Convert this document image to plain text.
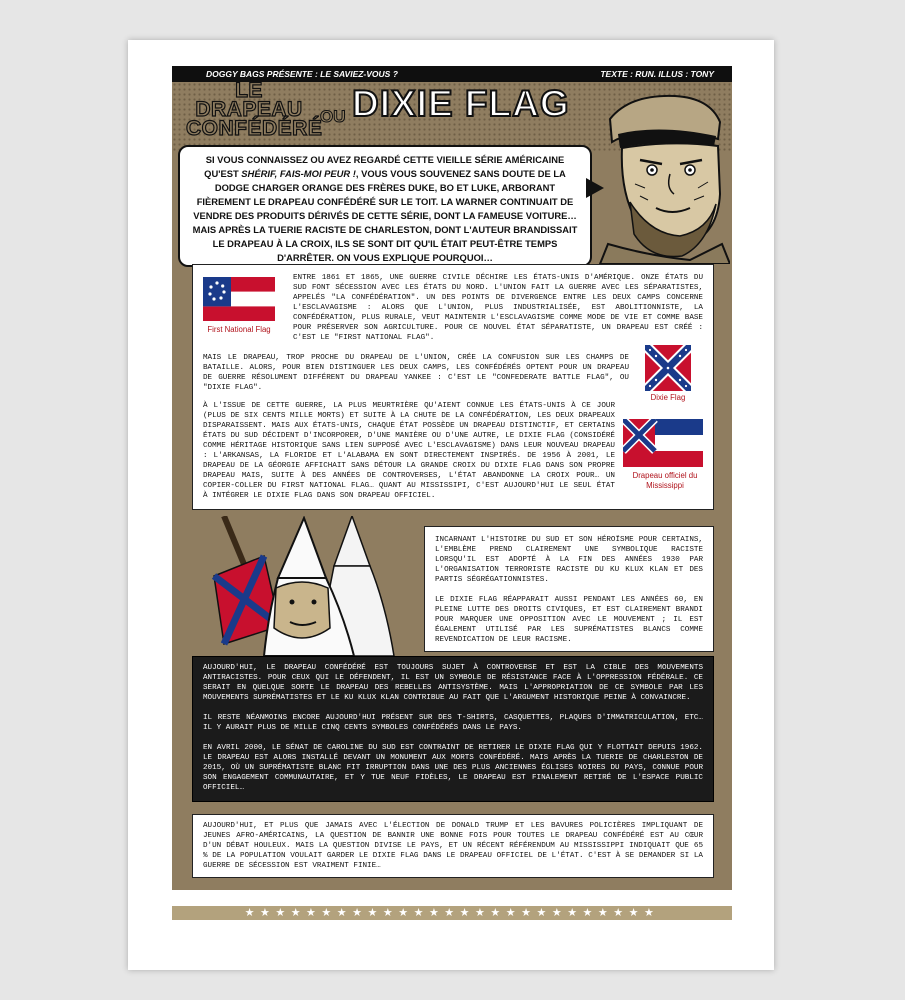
DOGGY BAGS PRÉSENTE : LE SAVIEZ-VOUS ?	TEXTE : RUN. ILLUS : TONY
LE DRAPEAU
CONFÉDÉRÉ
OU DIXIE FLAG

SI VOUS CONNAISSEZ OU AVEZ REGARDÉ CETTE VIEILLE SÉRIE AMÉRICAINE QU'EST SHÉRIF, FAIS-MOI PEUR !, VOUS VOUS SOUVENEZ SANS DOUTE DE LA DODGE CHARGER ORANGE DES FRÈRES DUKE, BO ET LUKE, ARBORANT FIÈREMENT LE DRAPEAU CONFÉDÉRÉ SUR LE TOIT. LA WARNER CONTINUAIT DE VENDRE DES PRODUITS DÉRIVÉS DE CETTE SÉRIE, DONT LA FAMEUSE VOITURE… MAIS APRÈS LA TUERIE RACISTE DE CHARLESTON, DONT L'AUTEUR BRANDISSAIT LE DRAPEAU À LA CROIX, ILS SE SONT DIT QU'IL ÉTAIT PEUT-ÊTRE TEMPS D'ARRÊTER. ON VOUS EXPLIQUE POURQUOI…

First National Flag

ENTRE 1861 ET 1865, UNE GUERRE CIVILE DÉCHIRE LES ÉTATS-UNIS D'AMÉRIQUE. ONZE ÉTATS DU SUD FONT SÉCESSION AVEC LES ÉTATS DU NORD. L'UNION FAIT LA GUERRE AVEC LES SÉPARATISTES, APPELÉS "LA CONFÉDÉRATION". UN DES POINTS DE DIVERGENCE ENTRE LES DEUX CAMPS CONCERNE L'ESCLAVAGISME : ALORS QUE L'UNION, PLUS INDUSTRIALISÉE, EST ABOLITIONNISTE, LA CONFÉDÉRATION, PLUS RURALE, VEUT MAINTENIR L'ESCLAVAGISME COMME MODE DE VIE ET COMME BASE POUR PRÉSERVER SON AGRICULTURE. POUR CE NOUVEL ÉTAT SÉPARATISTE, UN DRAPEAU EST CRÉÉ : C'EST LE "FIRST NATIONAL FLAG".

Dixie Flag

MAIS LE DRAPEAU, TROP PROCHE DU DRAPEAU DE L'UNION, CRÉE LA CONFUSION SUR LES CHAMPS DE BATAILLE. ALORS, POUR BIEN DISTINGUER LES DEUX CAMPS, LES CONFÉDÉRÉS OPTENT POUR UN DRAPEAU DE GUERRE RÉSOLUMENT DIFFÉRENT DU DRAPEAU YANKEE : C'EST LE "CONFEDERATE BATTLE FLAG", OU "DIXIE FLAG".

Drapeau officiel du
Mississippi

À L'ISSUE DE CETTE GUERRE, LA PLUS MEURTRIÈRE QU'AIENT CONNUE LES ÉTATS-UNIS À CE JOUR (PLUS DE SIX CENTS MILLE MORTS) ET SUITE À LA CHUTE DE LA CONFÉDÉRATION, LES DEUX DRAPEAUX DISPARAISSENT. MAIS AUX ÉTATS-UNIS, CHAQUE ÉTAT POSSÈDE UN DRAPEAU DISTINCTIF, ET CERTAINS ÉTATS DU SUD DÉCIDENT D'INCORPORER, D'UNE MANIÈRE OU D'UNE AUTRE, LE DIXIE FLAG (CONSIDÉRÉ COMME HÉRITAGE HISTORIQUE SANS LIEN SUPPOSÉ AVEC L'ESCLAVAGISME) DANS LEUR NOUVEAU DRAPEAU : L'ARKANSAS, LA FLORIDE ET L'ALABAMA EN SONT DIRECTEMENT INSPIRÉS. DE 1956 À 2001, LE DRAPEAU DE LA GÉORGIE AFFICHAIT SANS DÉTOUR LA GRANDE CROIX DU DIXIE FLAG DANS SON PROPRE DRAPEAU MAIS, SUITE À DES ANNÉES DE CONTROVERSES, L'ÉTAT ABANDONNE LA CROIX POUR… UN COPIER-COLLER DU FIRST NATIONAL FLAG… QUANT AU MISSISSIPI, C'EST AUJOURD'HUI LE SEUL ÉTAT À INTÉGRER LE DIXIE FLAG DANS SON DRAPEAU OFFICIEL.

INCARNANT L'HISTOIRE DU SUD ET SON HÉROÏSME POUR CERTAINS, L'EMBLÈME PREND CLAIREMENT UNE SYMBOLIQUE RACISTE LORSQU'IL EST ADOPTÉ À LA FIN DES ANNÉES 1930 PAR L'ORGANISATION TERRORISTE RACISTE DU KU KLUX KLAN ET DES PARTIS SÉGRÉGATIONNISTES.

LE DIXIE FLAG RÉAPPARAIT AUSSI PENDANT LES ANNÉES 60, EN PLEINE LUTTE DES DROITS CIVIQUES, ET EST CLAIREMENT BRANDI POUR MARQUER UNE OPPOSITION AVEC LE MOUVEMENT ; IL EST ÉGALEMENT UTILISÉ PAR LES SUPRÉMATISTES BLANCS COMME REVENDICATION DE LEUR RACISME.

AUJOURD'HUI, LE DRAPEAU CONFÉDÉRÉ EST TOUJOURS SUJET À CONTROVERSE ET EST LA CIBLE DES MOUVEMENTS ANTIRACISTES. POUR CEUX QUI LE DÉFENDENT, IL EST UN SYMBOLE DE RÉSISTANCE FACE À L'OPPRESSION FÉDÉRALE. CE SERAIT EN QUELQUE SORTE LE DRAPEAU DES REBELLES ANTISYSTÈME. MAIS L'APPROPRIATION DE CE SYMBOLE PAR LES MOUVEMENTS SUPRÉMATISTES ET LE KU KLUX KLAN CONTRIBUE AU FAIT QUE L'ARGUMENT HISTORIQUE PEINE À CONVAINCRE.

IL RESTE NÉANMOINS ENCORE AUJOURD'HUI PRÉSENT SUR DES T-SHIRTS, CASQUETTES, PLAQUES D'IMMATRICULATION, ETC… IL Y AURAIT PLUS DE MILLE CINQ CENTS SYMBOLES CONFÉDÉRÉS DANS LE PAYS.

EN AVRIL 2000, LE SÉNAT DE CAROLINE DU SUD EST CONTRAINT DE RETIRER LE DIXIE FLAG QUI Y FLOTTAIT DEPUIS 1962. LE DRAPEAU EST ALORS INSTALLÉ DEVANT UN MONUMENT AUX MORTS CONFÉDÉRÉ. MAIS APRÈS LA TUERIE DE CHARLESTON DE 2015, OÙ UN SUPRÉMATISTE BLANC FIT IRRUPTION DANS UNE DES PLUS ANCIENNES ÉGLISES NOIRES DU PAYS, CONNUE POUR SON ENGAGEMENT COMMUNAUTAIRE, ET Y TUE NEUF FIDÈLES, LE DRAPEAU EST FINALEMENT RETIRÉ DE L'ESPACE PUBLIC OFFICIEL…

AUJOURD'HUI, ET PLUS QUE JAMAIS AVEC L'ÉLECTION DE DONALD TRUMP ET LES BAVURES POLICIÈRES IMPLIQUANT DE JEUNES AFRO-AMÉRICAINS, LA QUESTION DE BANNIR UNE BONNE FOIS POUR TOUTES LE DRAPEAU CONFÉDÉRÉ EST AU CŒUR D'UN DÉBAT HOULEUX. MAIS LA QUESTION DIVISE LE PAYS, ET UN RÉCENT RÉFÉRENDUM AU MISSISSIPPI INDIQUAIT QUE 65 % DE LA POPULATION VOULAIT GARDER LE DIXIE FLAG DANS LE DRAPEAU OFFICIEL DE L'ÉTAT. C'EST À SE DEMANDER SI LA GUERRE DE SÉCESSION EST VRAIMENT FINIE…

★★★★★★★★★★★★★★★★★★★★★★★★★★★
